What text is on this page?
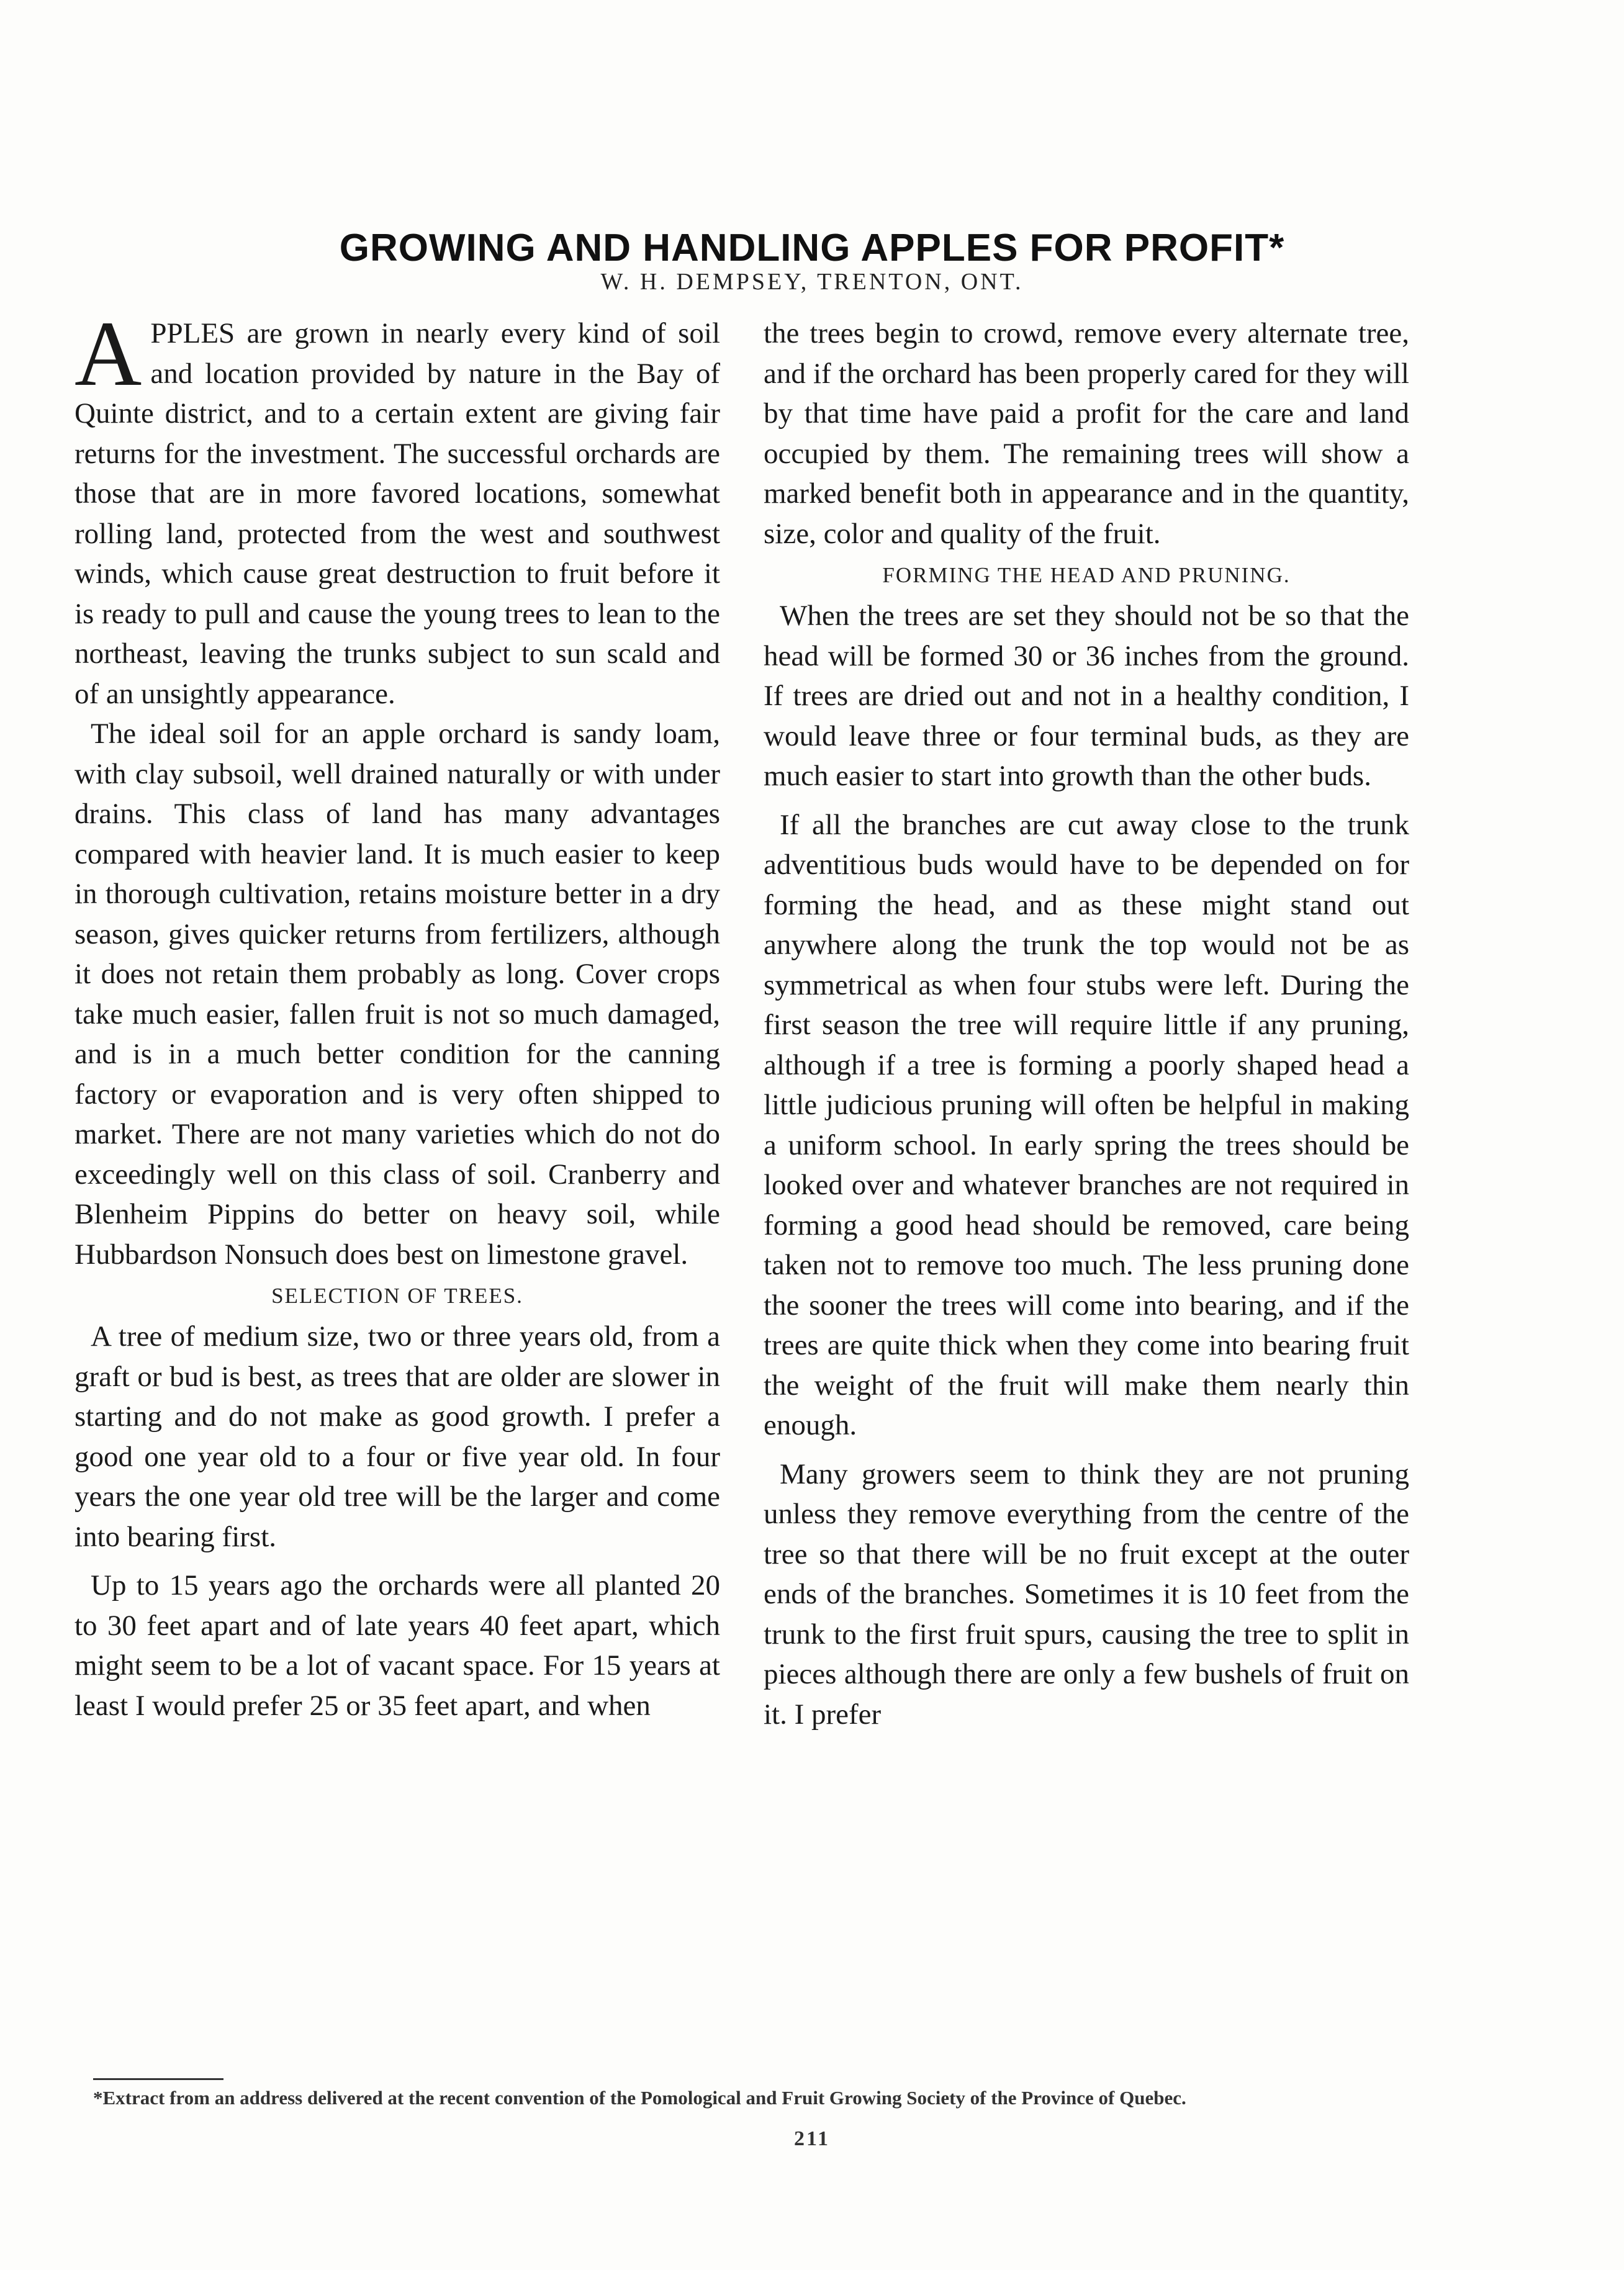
GROWING AND HANDLING APPLES FOR PROFIT*
W. H. DEMPSEY, TRENTON, ONT.

APPLES are grown in nearly every kind of soil and location provided by nature in the Bay of Quinte district, and to a certain extent are giving fair returns for the investment. The successful orchards are those that are in more favored locations, somewhat rolling land, protected from the west and southwest winds, which cause great destruction to fruit before it is ready to pull and cause the young trees to lean to the northeast, leaving the trunks subject to sun scald and of an unsightly appearance.

The ideal soil for an apple orchard is sandy loam, with clay subsoil, well drained naturally or with under drains. This class of land has many advantages compared with heavier land. It is much easier to keep in thorough cultivation, retains moisture better in a dry season, gives quicker returns from fertilizers, although it does not retain them probably as long. Cover crops take much easier, fallen fruit is not so much damaged, and is in a much better condition for the canning factory or evaporation and is very often shipped to market. There are not many varieties which do not do exceedingly well on this class of soil. Cranberry and Blenheim Pippins do better on heavy soil, while Hubbardson Nonsuch does best on limestone gravel.

SELECTION OF TREES.

A tree of medium size, two or three years old, from a graft or bud is best, as trees that are older are slower in starting and do not make as good growth. I prefer a good one year old to a four or five year old. In four years the one year old tree will be the larger and come into bearing first.

Up to 15 years ago the orchards were all planted 20 to 30 feet apart and of late years 40 feet apart, which might seem to be a lot of vacant space. For 15 years at least I would prefer 25 or 35 feet apart, and when

the trees begin to crowd, remove every alternate tree, and if the orchard has been properly cared for they will by that time have paid a profit for the care and land occupied by them. The remaining trees will show a marked benefit both in appearance and in the quantity, size, color and quality of the fruit.

FORMING THE HEAD AND PRUNING.

When the trees are set they should not be so that the head will be formed 30 or 36 inches from the ground. If trees are dried out and not in a healthy condition, I would leave three or four terminal buds, as they are much easier to start into growth than the other buds.

If all the branches are cut away close to the trunk adventitious buds would have to be depended on for forming the head, and as these might stand out anywhere along the trunk the top would not be as symmetrical as when four stubs were left. During the first season the tree will require little if any pruning, although if a tree is forming a poorly shaped head a little judicious pruning will often be helpful in making a uniform school. In early spring the trees should be looked over and whatever branches are not required in forming a good head should be removed, care being taken not to remove too much. The less pruning done the sooner the trees will come into bearing, and if the trees are quite thick when they come into bearing fruit the weight of the fruit will make them nearly thin enough.

Many growers seem to think they are not pruning unless they remove everything from the centre of the tree so that there will be no fruit except at the outer ends of the branches. Sometimes it is 10 feet from the trunk to the first fruit spurs, causing the tree to split in pieces although there are only a few bushels of fruit on it. I prefer

*Extract from an address delivered at the recent convention of the Pomological and Fruit Growing Society of the Province of Quebec.
211
